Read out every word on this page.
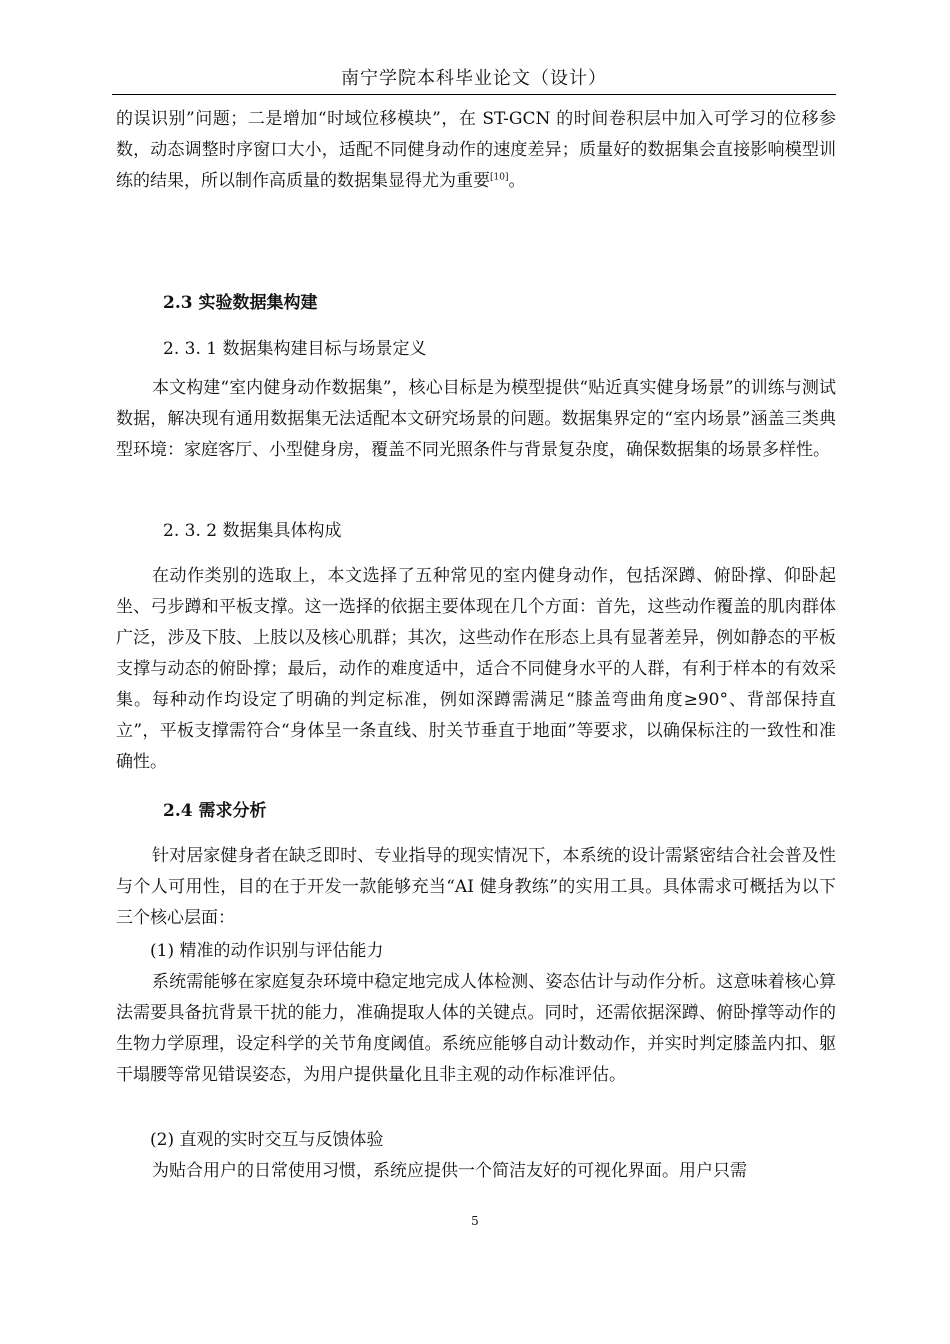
南宁学院本科毕业论文（设计）

的误识别”问题；二是增加“时域位移模块”，在 ST-GCN 的时间卷积层中加入可学习的位移参数，动态调整时序窗口大小，适配不同健身动作的速度差异；质量好的数据集会直接影响模型训练的结果，所以制作高质量的数据集显得尤为重要[10]。

2.3 实验数据集构建
2. 3. 1 数据集构建目标与场景定义

本文构建“室内健身动作数据集”，核心目标是为模型提供“贴近真实健身场景”的训练与测试数据，解决现有通用数据集无法适配本文研究场景的问题。数据集界定的“室内场景”涵盖三类典型环境：家庭客厅、小型健身房，覆盖不同光照条件与背景复杂度，确保数据集的场景多样性。

2. 3. 2 数据集具体构成

在动作类别的选取上，本文选择了五种常见的室内健身动作，包括深蹲、俯卧撑、仰卧起坐、弓步蹲和平板支撑。这一选择的依据主要体现在几个方面：首先，这些动作覆盖的肌肉群体广泛，涉及下肢、上肢以及核心肌群；其次，这些动作在形态上具有显著差异，例如静态的平板支撑与动态的俯卧撑；最后，动作的难度适中，适合不同健身水平的人群，有利于样本的有效采集。每种动作均设定了明确的判定标准，例如深蹲需满足“膝盖弯曲角度≥90°、背部保持直立”，平板支撑需符合“身体呈一条直线、肘关节垂直于地面”等要求，以确保标注的一致性和准确性。

2.4 需求分析

针对居家健身者在缺乏即时、专业指导的现实情况下，本系统的设计需紧密结合社会普及性与个人可用性，目的在于开发一款能够充当“AI 健身教练”的实用工具。具体需求可概括为以下三个核心层面：

(1) 精准的动作识别与评估能力

系统需能够在家庭复杂环境中稳定地完成人体检测、姿态估计与动作分析。这意味着核心算法需要具备抗背景干扰的能力，准确提取人体的关键点。同时，还需依据深蹲、俯卧撑等动作的生物力学原理，设定科学的关节角度阈值。系统应能够自动计数动作，并实时判定膝盖内扣、躯干塌腰等常见错误姿态，为用户提供量化且非主观的动作标准评估。

(2) 直观的实时交互与反馈体验

为贴合用户的日常使用习惯，系统应提供一个简洁友好的可视化界面。用户只需

5
